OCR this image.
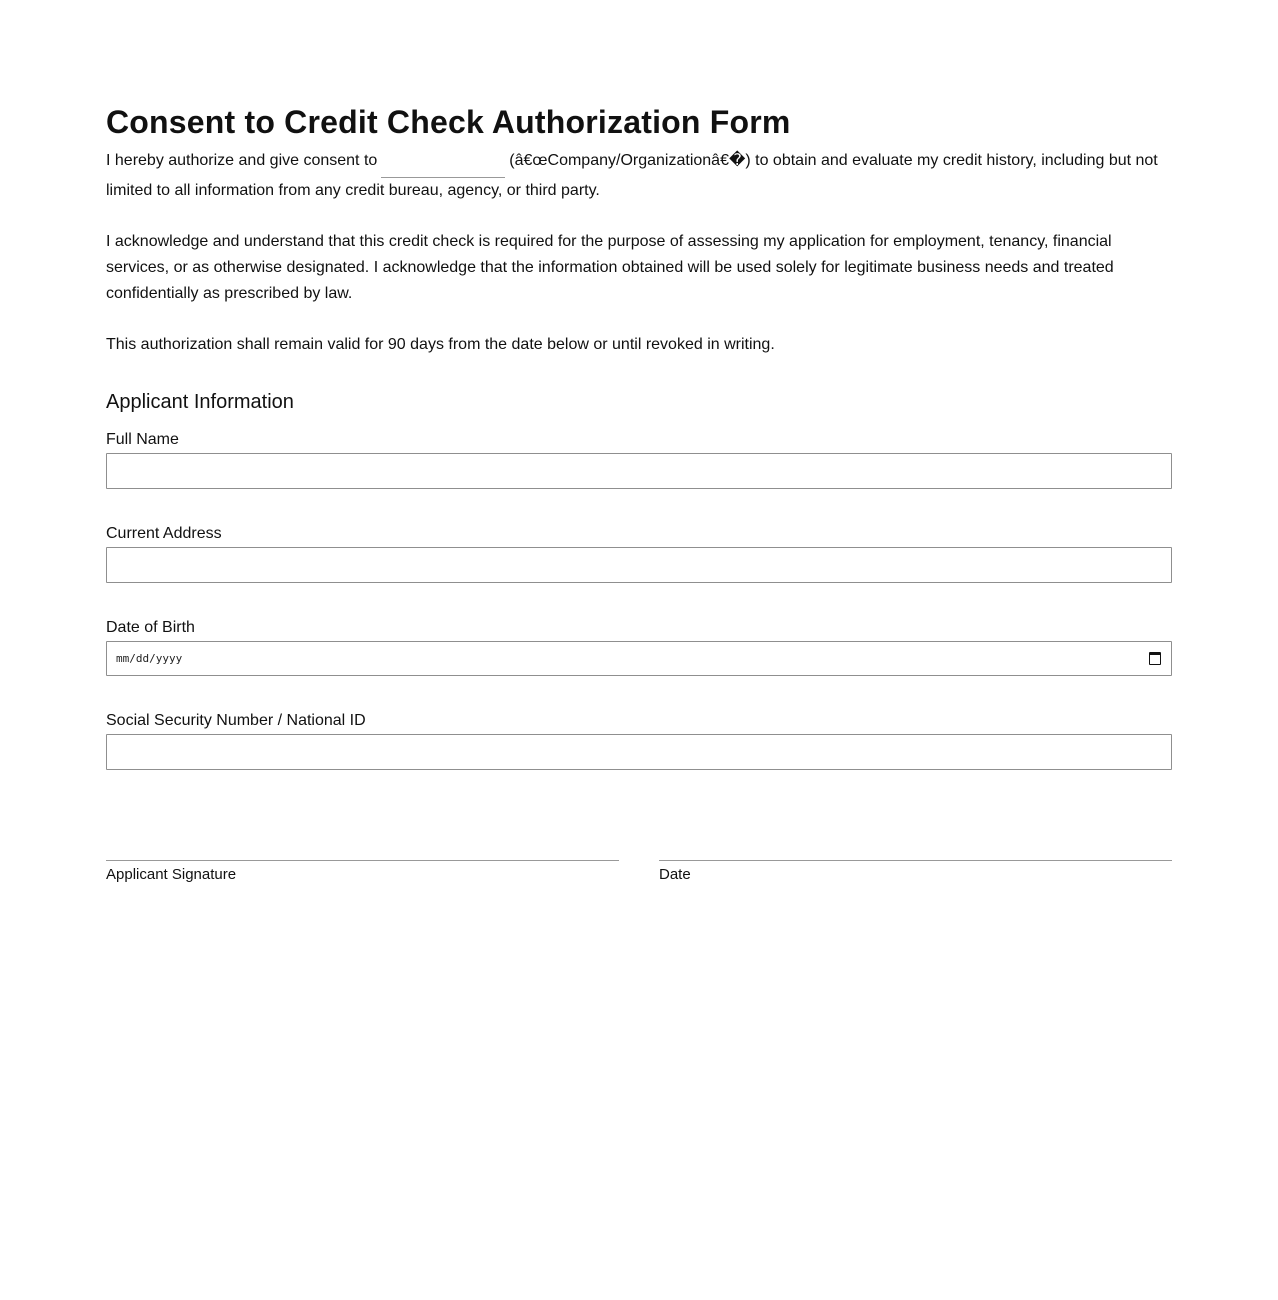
Consent to Credit Check Authorization Form

I hereby authorize and give consent to	(â€œCompany/Organizationâ€�) to obtain and evaluate my credit history, including but not limited to all information from any credit bureau, agency, or third party.

I acknowledge and understand that this credit check is required for the purpose of assessing my application for employment, tenancy, financial services, or as otherwise designated. I acknowledge that the information obtained will be used solely for legitimate business needs and treated confidentially as prescribed by law.

This authorization shall remain valid for 90 days from the date below or until revoked in writing.

Applicant Information
Full Name
Current Address
Date of Birth
mm/dd/yyyy
Social Security Number / National ID
Applicant Signature	Date
